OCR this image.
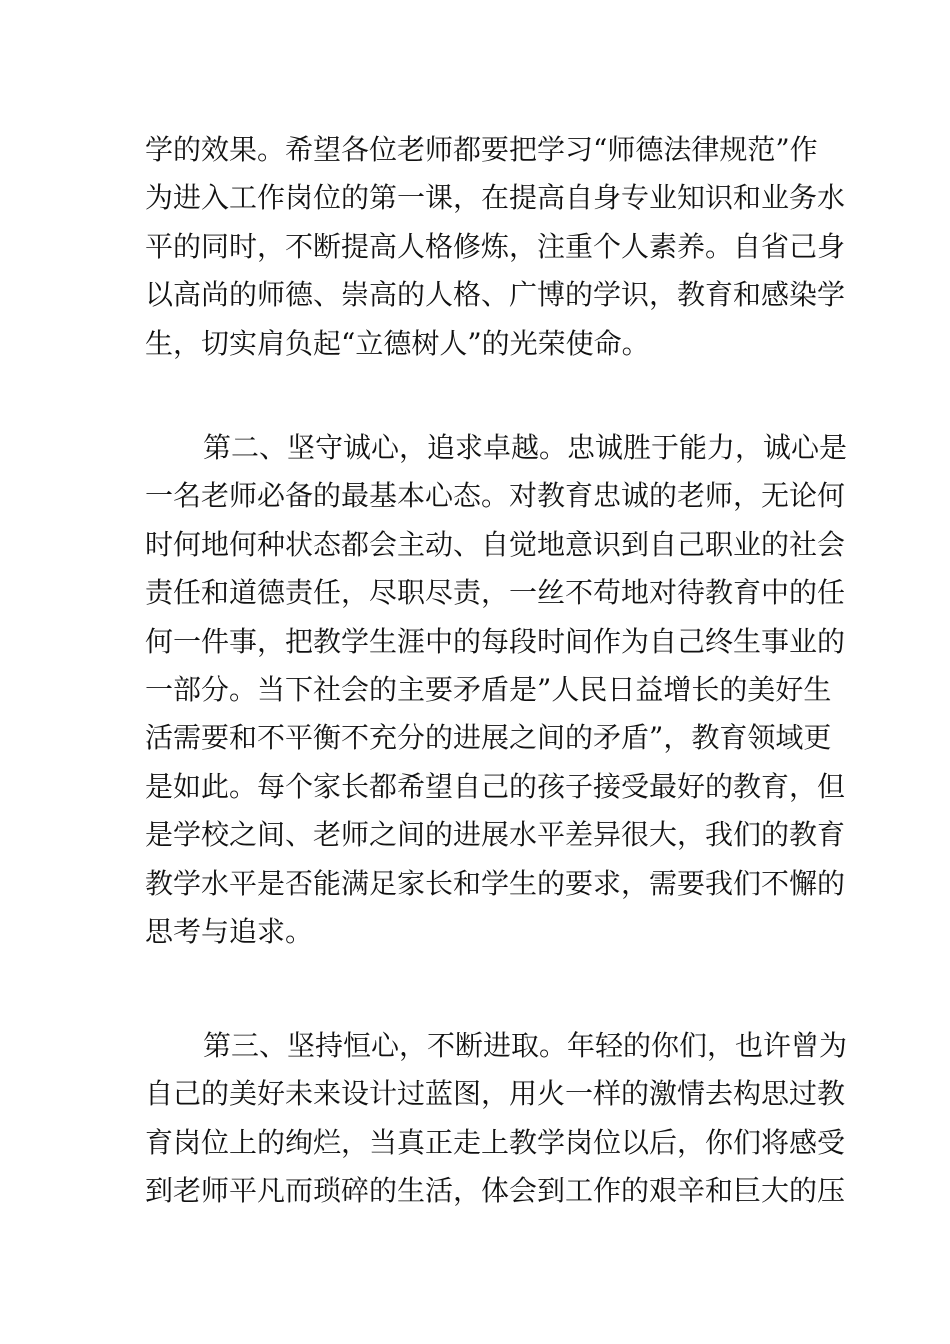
学的效果。希望各位老师都要把学习“师德法律规范”作
为进入工作岗位的第一课，在提高自身专业知识和业务水
平的同时，不断提高人格修炼，注重个人素养。自省己身
以高尚的师德、崇高的人格、广博的学识，教育和感染学
生，切实肩负起“立德树人”的光荣使命。
第二、坚守诚心，追求卓越。忠诚胜于能力，诚心是
一名老师必备的最基本心态。对教育忠诚的老师，无论何
时何地何种状态都会主动、自觉地意识到自己职业的社会
责任和道德责任，尽职尽责，一丝不苟地对待教育中的任
何一件事，把教学生涯中的每段时间作为自己终生事业的
一部分。当下社会的主要矛盾是”人民日益增长的美好生
活需要和不平衡不充分的进展之间的矛盾”，教育领域更
是如此。每个家长都希望自己的孩子接受最好的教育，但
是学校之间、老师之间的进展水平差异很大，我们的教育
教学水平是否能满足家长和学生的要求，需要我们不懈的
思考与追求。
第三、坚持恒心，不断进取。年轻的你们，也许曾为
自己的美好未来设计过蓝图，用火一样的激情去构思过教
育岗位上的绚烂，当真正走上教学岗位以后，你们将感受
到老师平凡而琐碎的生活，体会到工作的艰辛和巨大的压
